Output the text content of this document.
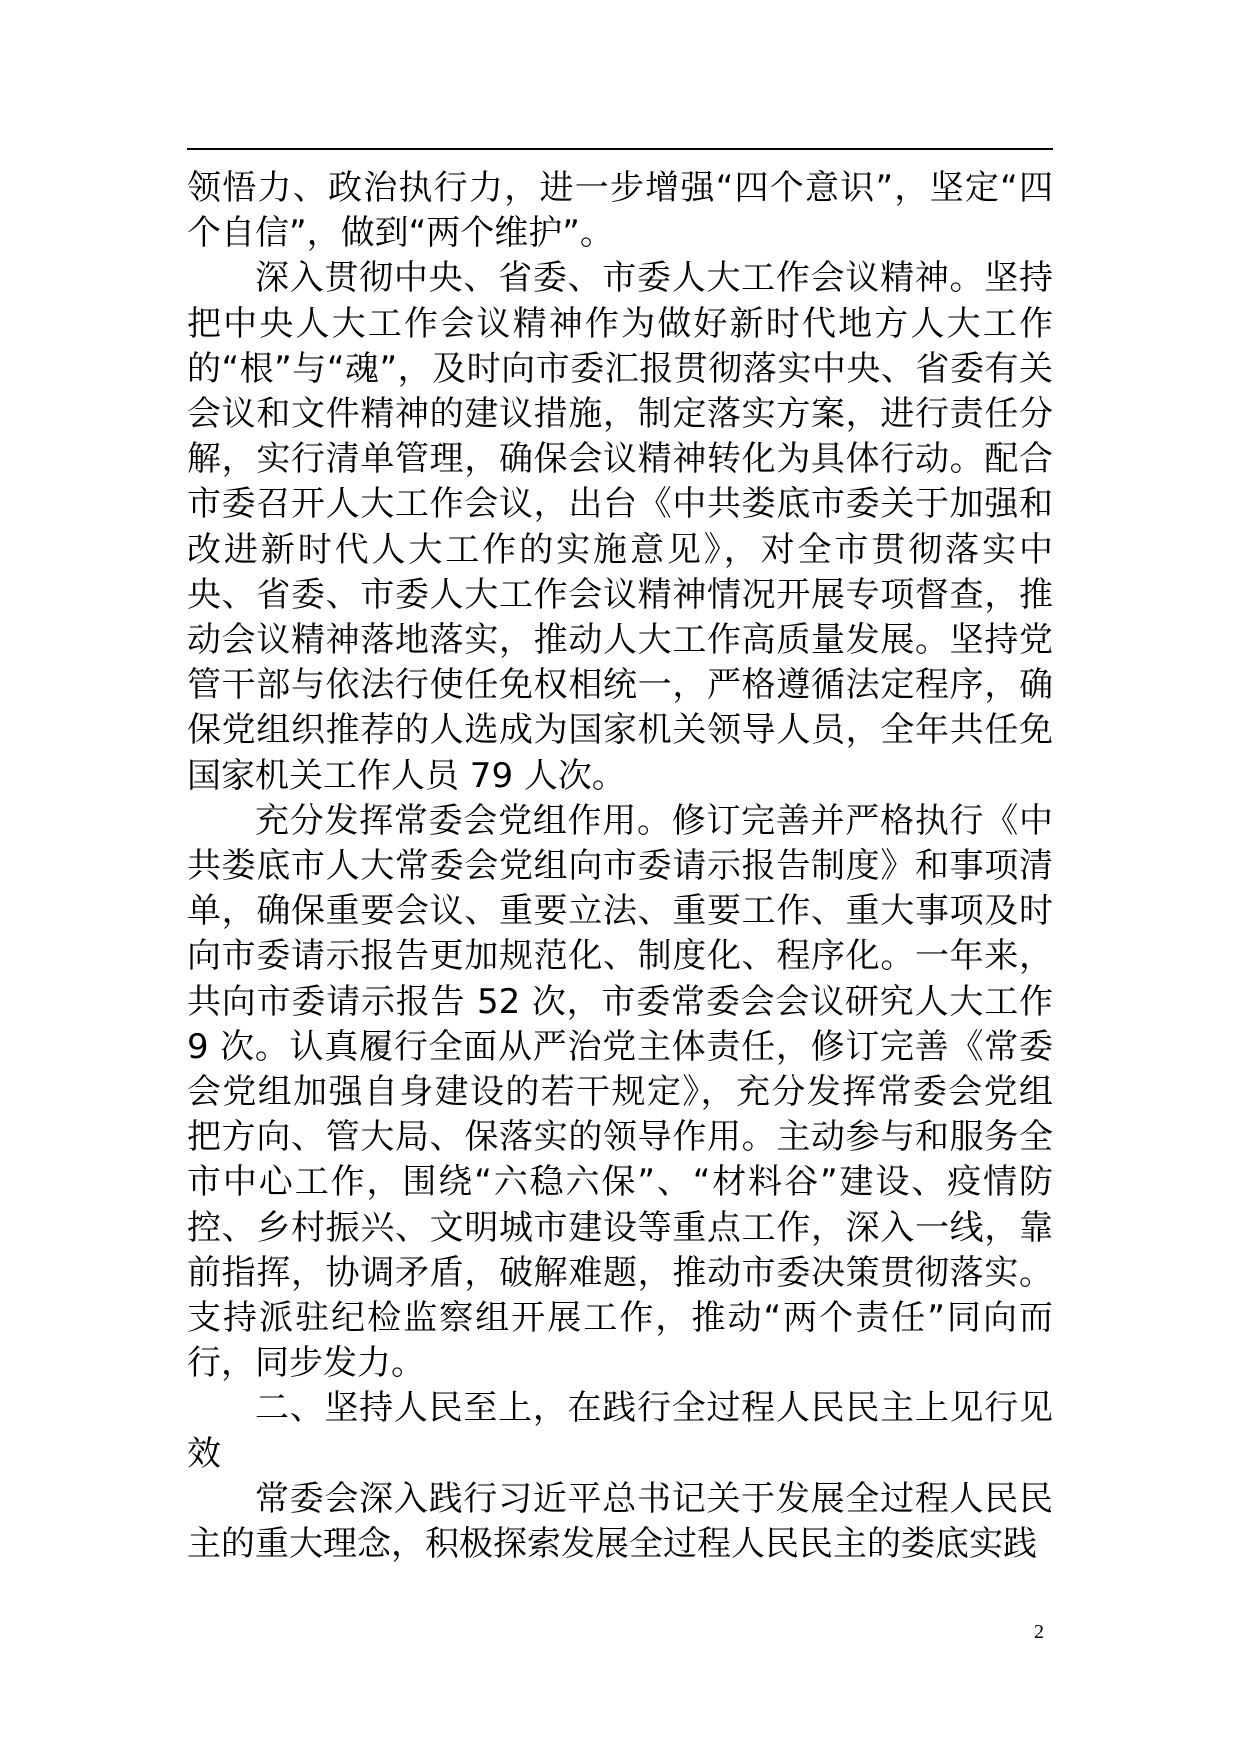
领悟力、政治执行力，进一步增强“四个意识”，坚定“四个自信”，做到“两个维护”。

深入贯彻中央、省委、市委人大工作会议精神。坚持把中央人大工作会议精神作为做好新时代地方人大工作的“根”与“魂”，及时向市委汇报贯彻落实中央、省委有关会议和文件精神的建议措施，制定落实方案，进行责任分解，实行清单管理，确保会议精神转化为具体行动。配合市委召开人大工作会议，出台《中共娄底市委关于加强和改进新时代人大工作的实施意见》，对全市贯彻落实中央、省委、市委人大工作会议精神情况开展专项督查，推动会议精神落地落实，推动人大工作高质量发展。坚持党管干部与依法行使任免权相统一，严格遵循法定程序，确保党组织推荐的人选成为国家机关领导人员，全年共任免国家机关工作人员 79 人次。

充分发挥常委会党组作用。修订完善并严格执行《中共娄底市人大常委会党组向市委请示报告制度》和事项清单，确保重要会议、重要立法、重要工作、重大事项及时向市委请示报告更加规范化、制度化、程序化。一年来，共向市委请示报告 52 次，市委常委会会议研究人大工作 9 次。认真履行全面从严治党主体责任，修订完善《常委会党组加强自身建设的若干规定》，充分发挥常委会党组把方向、管大局、保落实的领导作用。主动参与和服务全市中心工作，围绕“六稳六保”、“材料谷”建设、疫情防控、乡村振兴、文明城市建设等重点工作，深入一线，靠前指挥，协调矛盾，破解难题，推动市委决策贯彻落实。支持派驻纪检监察组开展工作，推动“两个责任”同向而行，同步发力。

二、坚持人民至上，在践行全过程人民民主上见行见效

常委会深入践行习近平总书记关于发展全过程人民民主的重大理念，积极探索发展全过程人民民主的娄底实践

2
